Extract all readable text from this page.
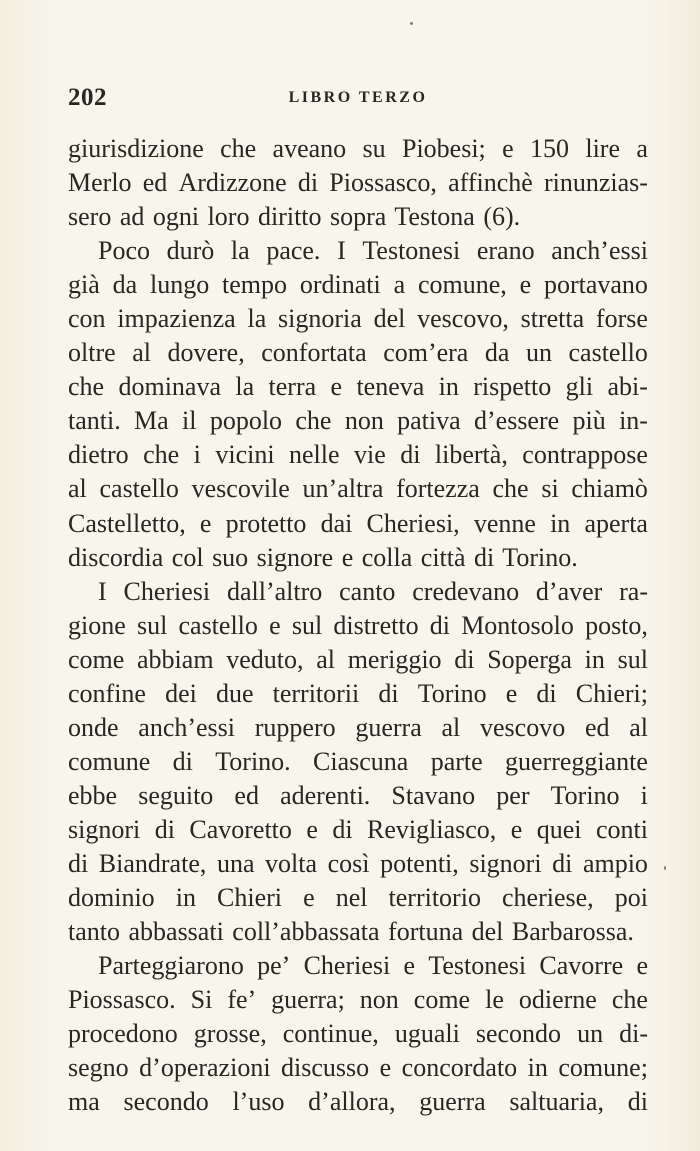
202	LIBRO TERZO
giurisdizione che aveano su Piobesi; e 150 lire a
Merlo ed Ardizzone di Piossasco, affinchè rinunzias-
sero ad ogni loro diritto sopra Testona (6).
Poco durò la pace. I Testonesi erano anch’essi
già da lungo tempo ordinati a comune, e portavano
con impazienza la signoria del vescovo, stretta forse
oltre al dovere, confortata com’era da un castello
che dominava la terra e teneva in rispetto gli abi-
tanti. Ma il popolo che non pativa d’essere più in-
dietro che i vicini nelle vie di libertà, contrappose
al castello vescovile un’altra fortezza che si chiamò
Castelletto, e protetto dai Cheriesi, venne in aperta
discordia col suo signore e colla città di Torino.
I Cheriesi dall’altro canto credevano d’aver ra-
gione sul castello e sul distretto di Montosolo posto,
come abbiam veduto, al meriggio di Soperga in sul
confine dei due territorii di Torino e di Chieri;
onde anch’essi ruppero guerra al vescovo ed al
comune di Torino. Ciascuna parte guerreggiante
ebbe seguito ed aderenti. Stavano per Torino i
signori di Cavoretto e di Revigliasco, e quei conti
di Biandrate, una volta così potenti, signori di ampio
dominio in Chieri e nel territorio cheriese, poi
tanto abbassati coll’abbassata fortuna del Barbarossa.
Parteggiarono pe’ Cheriesi e Testonesi Cavorre e
Piossasco. Si fe’ guerra; non come le odierne che
procedono grosse, continue, uguali secondo un di-
segno d’operazioni discusso e concordato in comune;
ma secondo l’uso d’allora, guerra saltuaria, di
